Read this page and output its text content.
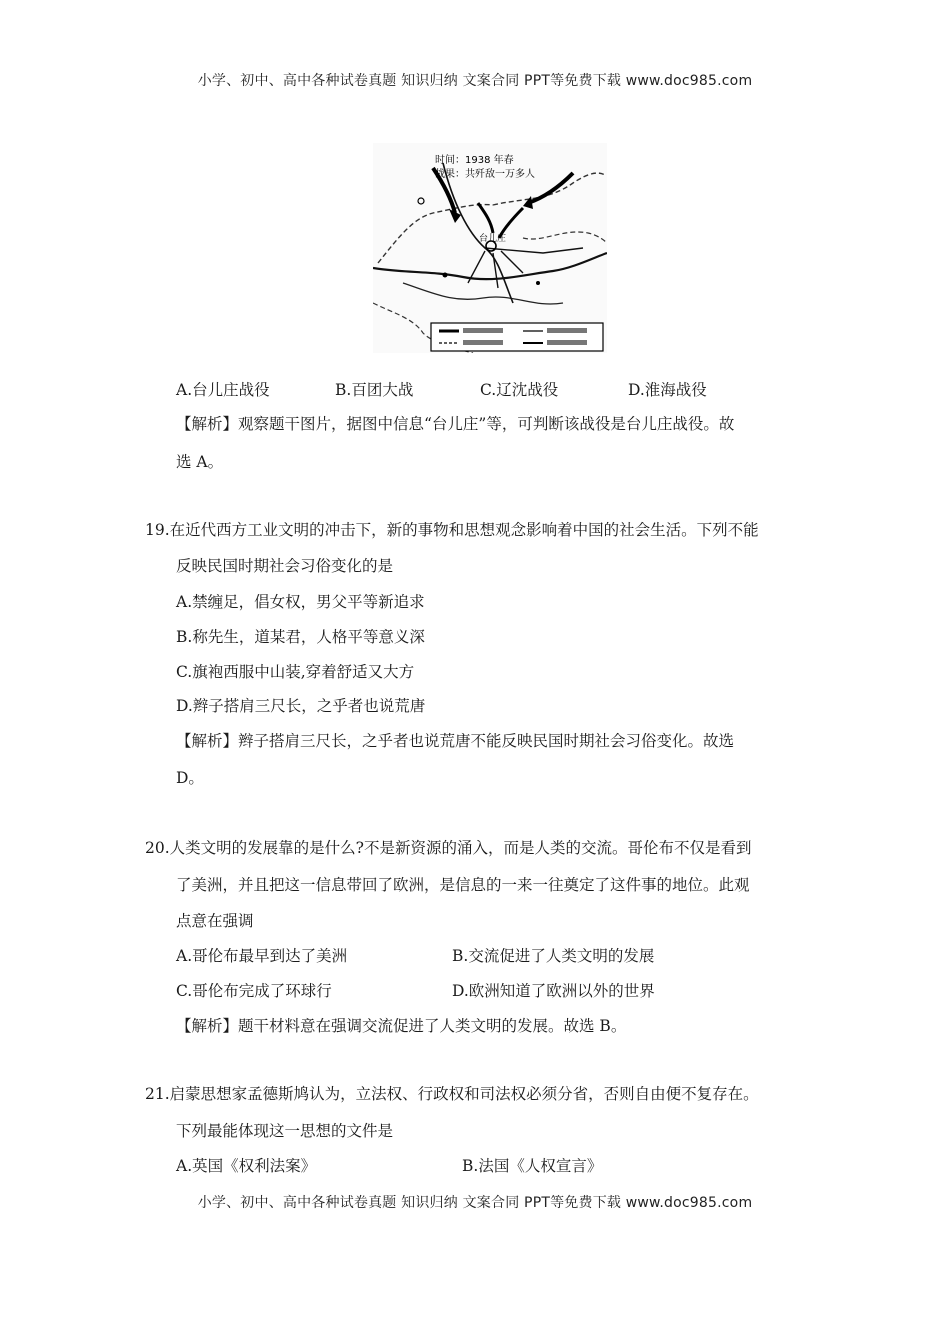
小学、初中、高中各种试卷真题 知识归纳 文案合同 PPT等免费下载 www.doc985.com
台儿庄
时间：1938 年春
战果：共歼敌一万多人
A.台儿庄战役	B.百团大战	C.辽沈战役	D.淮海战役
【解析】观察题干图片，据图中信息“台儿庄”等，可判断该战役是台儿庄战役。故
选 A。
19.在近代西方工业文明的冲击下，新的事物和思想观念影响着中国的社会生活。下列不能
反映民国时期社会习俗变化的是
A.禁缠足，倡女权，男父平等新追求
B.称先生，道某君，人格平等意义深
C.旗袍西服中山装,穿着舒适又大方
D.辫子搭肩三尺长，之乎者也说荒唐
【解析】辫子搭肩三尺长，之乎者也说荒唐不能反映民国时期社会习俗变化。故选
D。
20.人类文明的发展靠的是什么?不是新资源的涌入，而是人类的交流。哥伦布不仅是看到
了美洲，并且把这一信息带回了欧洲，是信息的一来一往奠定了这件事的地位。此观
点意在强调
A.哥伦布最早到达了美洲	B.交流促进了人类文明的发展
C.哥伦布完成了环球行	D.欧洲知道了欧洲以外的世界
【解析】题干材料意在强调交流促进了人类文明的发展。故选 B。
21.启蒙思想家孟德斯鸠认为，立法权、行政权和司法权必须分省，否则自由便不复存在。
下列最能体现这一思想的文件是
A.英国《权利法案》	B.法国《人权宣言》
小学、初中、高中各种试卷真题 知识归纳 文案合同 PPT等免费下载 www.doc985.com
